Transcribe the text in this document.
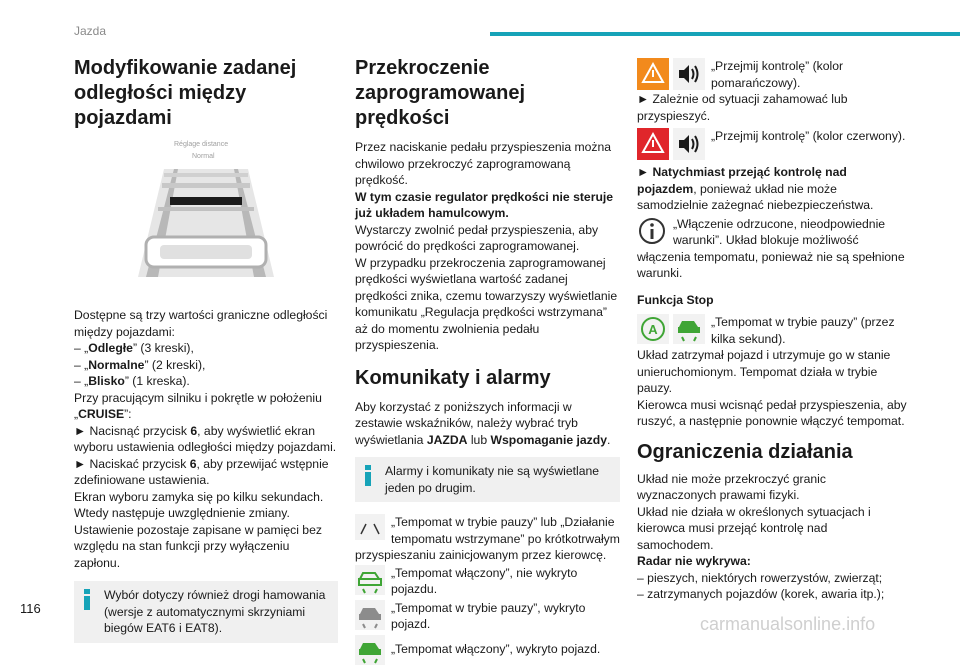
Jazda
Modyfikowanie zadanej odległości między pojazdami
Réglage distance
Normal

Dostępne są trzy wartości graniczne odległości między pojazdami:

– „Odległe” (3 kreski),

– „Normalne” (2 kreski),

– „Blisko” (1 kreska).

Przy pracującym silniku i pokrętle w położeniu „CRUISE”:

► Nacisnąć przycisk 6, aby wyświetlić ekran wyboru ustawienia odległości między pojazdami.

► Naciskać przycisk 6, aby przewijać wstępnie zdefiniowane ustawienia.

Ekran wyboru zamyka się po kilku sekundach. Wtedy następuje uwzględnienie zmiany. Ustawienie pozostaje zapisane w pamięci bez względu na stan funkcji przy wyłączeniu zapłonu.

Wybór dotyczy również drogi hamowania (wersje z automatycznymi skrzyniami biegów EAT6 i EAT8).
Przekroczenie zaprogramowanej prędkości

Przez naciskanie pedału przyspieszenia można chwilowo przekroczyć zaprogramowaną prędkość.

W tym czasie regulator prędkości nie steruje już układem hamulcowym.

Wystarczy zwolnić pedał przyspieszenia, aby powrócić do prędkości zaprogramowanej.

W przypadku przekroczenia zaprogramowanej prędkości wyświetlana wartość zadanej prędkości znika, czemu towarzyszy wyświetlanie komunikatu „Regulacja prędkości wstrzymana” aż do momentu zwolnienia pedału przyspieszenia.

Komunikaty i alarmy

Aby korzystać z poniższych informacji w zestawie wskaźników, należy wybrać tryb wyświetlania JAZDA lub Wspomaganie jazdy.

Alarmy i komunikaty nie są wyświetlane jeden po drugim.

„Tempomat w trybie pauzy” lub „Działanie tempomatu wstrzymane” po krótkotrwałym przyspieszaniu zainicjowanym przez kierowcę.

„Tempomat włączony”, nie wykryto pojazdu.

„Tempomat w trybie pauzy”, wykryto pojazd.

„Tempomat włączony”, wykryto pojazd.

„Przejmij kontrolę” (kolor pomarańczowy).

► Zależnie od sytuacji zahamować lub przyspieszyć.

„Przejmij kontrolę” (kolor czerwony).

► Natychmiast przejąć kontrolę nad pojazdem, ponieważ układ nie może samodzielnie zażegnać niebezpieczeństwa.

„Włączenie odrzucone, nieodpowiednie warunki”. Układ blokuje możliwość włączenia tempomatu, ponieważ nie są spełnione warunki.

Funkcja Stop

A	„Tempomat w trybie pauzy” (przez kilka sekund).

Układ zatrzymał pojazd i utrzymuje go w stanie unieruchomionym. Tempomat działa w trybie pauzy.

Kierowca musi wcisnąć pedał przyspieszenia, aby ruszyć, a następnie ponownie włączyć tempomat.

Ograniczenia działania

Układ nie może przekroczyć granic wyznaczonych prawami fizyki.

Układ nie działa w określonych sytuacjach i kierowca musi przejąć kontrolę nad samochodem.

Radar nie wykrywa:

– pieszych, niektórych rowerzystów, zwierząt;

– zatrzymanych pojazdów (korek, awaria itp.);

116
carmanualsonline.info
